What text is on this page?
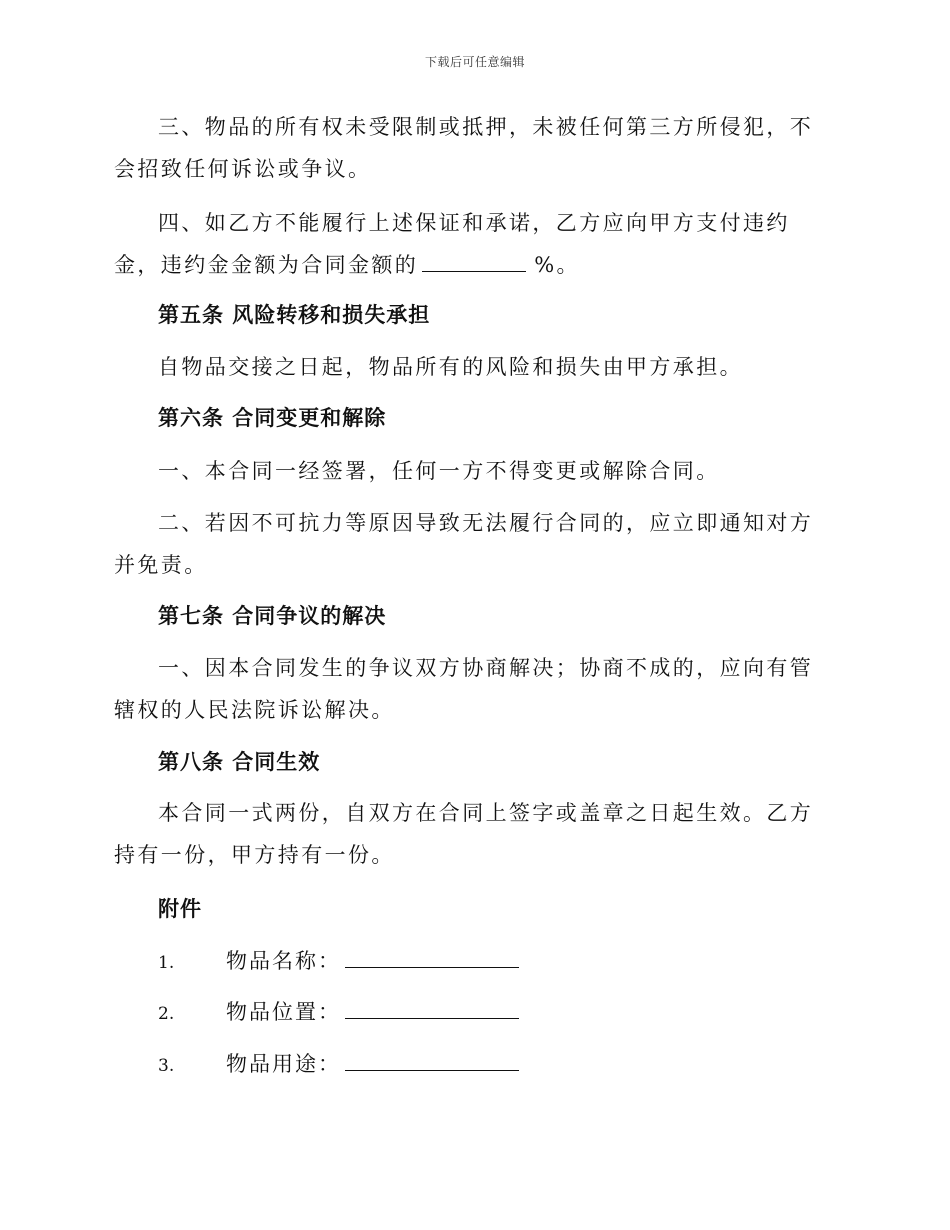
下载后可任意编辑

三、物品的所有权未受限制或抵押，未被任何第三方所侵犯，不会招致任何诉讼或争议。

四、如乙方不能履行上述保证和承诺，乙方应向甲方支付违约金，违约金金额为合同金额的	%。

第五条 风险转移和损失承担

自物品交接之日起，物品所有的风险和损失由甲方承担。

第六条 合同变更和解除

一、本合同一经签署，任何一方不得变更或解除合同。

二、若因不可抗力等原因导致无法履行合同的，应立即通知对方并免责。

第七条 合同争议的解决

一、因本合同发生的争议双方协商解决；协商不成的，应向有管辖权的人民法院诉讼解决。

第八条 合同生效

本合同一式两份，自双方在合同上签字或盖章之日起生效。乙方持有一份，甲方持有一份。

附件
1.	物品名称：
2.	物品位置：
3.	物品用途：
